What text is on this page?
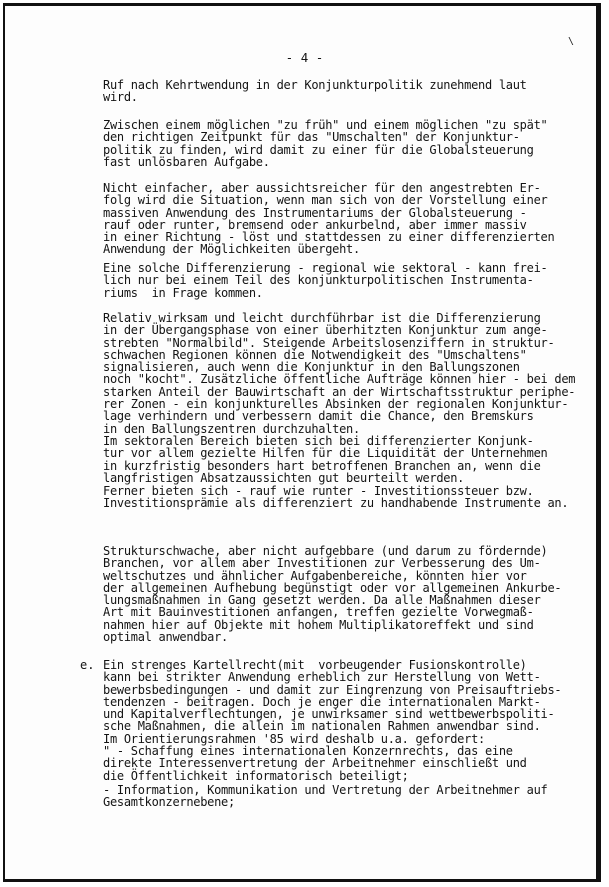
\
- 4 -
Ruf nach Kehrtwendung in der Konjunkturpolitik zunehmend laut
wird.
Zwischen einem möglichen "zu früh" und einem möglichen "zu spät"
den richtigen Zeitpunkt für das "Umschalten" der Konjunktur-
politik zu finden, wird damit zu einer für die Globalsteuerung
fast unlösbaren Aufgabe.
Nicht einfacher, aber aussichtsreicher für den angestrebten Er-
folg wird die Situation, wenn man sich von der Vorstellung einer
massiven Anwendung des Instrumentariums der Globalsteuerung -
rauf oder runter, bremsend oder ankurbelnd, aber immer massiv
in einer Richtung - löst und stattdessen zu einer differenzierten
Anwendung der Möglichkeiten übergeht.
Eine solche Differenzierung - regional wie sektoral - kann frei-
lich nur bei einem Teil des konjunkturpolitischen Instrumenta-
riums  in Frage kommen.
Relativ wirksam und leicht durchführbar ist die Differenzierung
in der Übergangsphase von einer überhitzten Konjunktur zum ange-
strebten "Normalbild". Steigende Arbeitslosenziffern in struktur-
schwachen Regionen können die Notwendigkeit des "Umschaltens"
signalisieren, auch wenn die Konjunktur in den Ballungszonen
noch "kocht". Zusätzliche öffentliche Aufträge können hier - bei dem
starken Anteil der Bauwirtschaft an der Wirtschaftsstruktur periphe-
rer Zonen - ein konjunkturelles Absinken der regionalen Konjunktur-
lage verhindern und verbessern damit die Chance, den Bremskurs
in den Ballungszentren durchzuhalten.
Im sektoralen Bereich bieten sich bei differenzierter Konjunk-
tur vor allem gezielte Hilfen für die Liquidität der Unternehmen
in kurzfristig besonders hart betroffenen Branchen an, wenn die
langfristigen Absatzaussichten gut beurteilt werden.
Ferner bieten sich - rauf wie runter - Investitionssteuer bzw.
Investitionsprämie als differenziert zu handhabende Instrumente an.
Strukturschwache, aber nicht aufgebbare (und darum zu fördernde)
Branchen, vor allem aber Investitionen zur Verbesserung des Um-
weltschutzes und ähnlicher Aufgabenbereiche, könnten hier vor
der allgemeinen Aufhebung begünstigt oder vor allgemeinen Ankurbe-
lungsmaßnahmen in Gang gesetzt werden. Da alle Maßnahmen dieser
Art mit Bauinvestitionen anfangen, treffen gezielte Vorwegmaß-
nahmen hier auf Objekte mit hohem Multiplikatoreffekt und sind
optimal anwendbar.
Ein strenges Kartellrecht(mit  vorbeugender Fusionskontrolle)
kann bei strikter Anwendung erheblich zur Herstellung von Wett-
bewerbsbedingungen - und damit zur Eingrenzung von Preisauftriebs-
tendenzen - beitragen. Doch je enger die internationalen Markt-
und Kapitalverflechtungen, je unwirksamer sind wettbewerbspoliti-
sche Maßnahmen, die allein im nationalen Rahmen anwendbar sind.
Im Orientierungsrahmen '85 wird deshalb u.a. gefordert:
" - Schaffung eines internationalen Konzernrechts, das eine
direkte Interessenvertretung der Arbeitnehmer einschließt und
die Öffentlichkeit informatorisch beteiligt;
- Information, Kommunikation und Vertretung der Arbeitnehmer auf
Gesamtkonzernebene;
e.
